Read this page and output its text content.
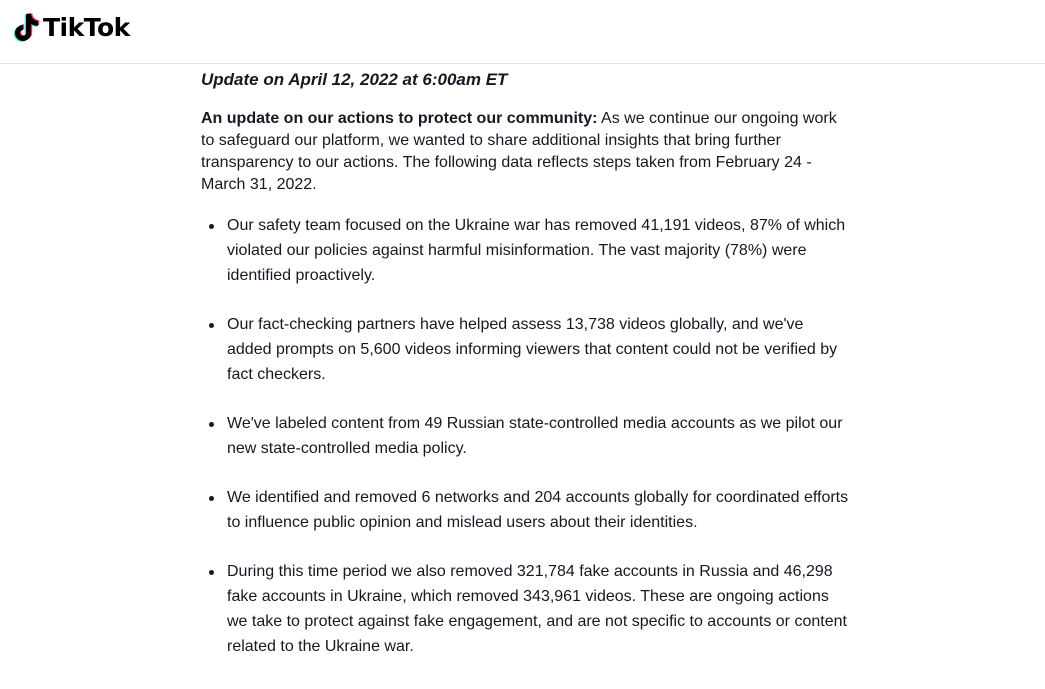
TikTok

Update on April 12, 2022 at 6:00am ET

An update on our actions to protect our community: As we continue our ongoing work to safeguard our platform, we wanted to share additional insights that bring further transparency to our actions. The following data reflects steps taken from February 24 - March 31, 2022.

Our safety team focused on the Ukraine war has removed 41,191 videos, 87% of which violated our policies against harmful misinformation. The vast majority (78%) were identified proactively.
Our fact-checking partners have helped assess 13,738 videos globally, and we've added prompts on 5,600 videos informing viewers that content could not be verified by fact checkers.
We've labeled content from 49 Russian state-controlled media accounts as we pilot our new state-controlled media policy.
We identified and removed 6 networks and 204 accounts globally for coordinated efforts to influence public opinion and mislead users about their identities.
During this time period we also removed 321,784 fake accounts in Russia and 46,298 fake accounts in Ukraine, which removed 343,961 videos. These are ongoing actions we take to protect against fake engagement, and are not specific to accounts or content related to the Ukraine war.
